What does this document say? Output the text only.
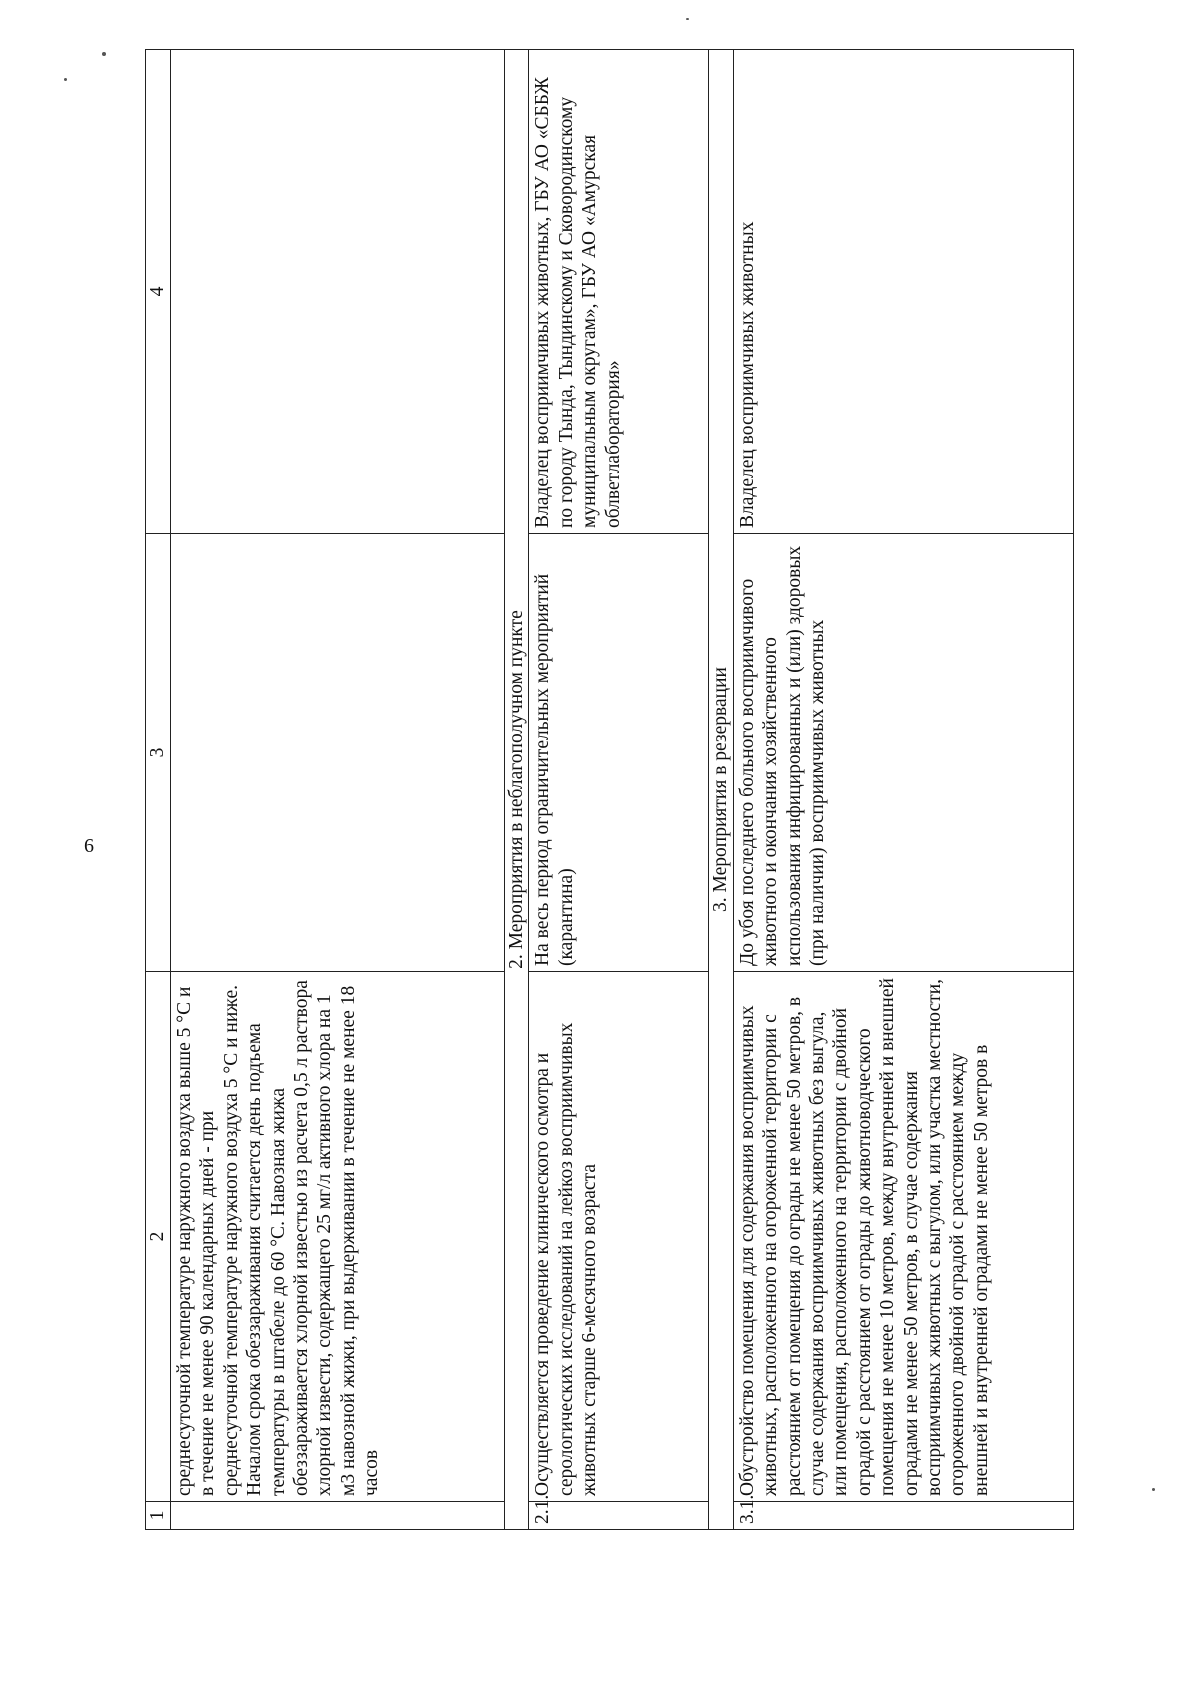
6
1	2	3	4
	среднесуточной температуре наружного воздуха выше 5 °С и в течение не менее 90 календарных дней - при среднесуточной температуре наружного воздуха 5 °С и ниже. Началом срока обеззараживания считается день подъема температуры в штабеле до 60 °С. Навозная жижа обеззараживается хлорной известью из расчета 0,5 л раствора хлорной извести, содержащего 25 мг/л активного хлора на 1 м3 навозной жижи, при выдерживании в течение не менее 18 часов		
2. Мероприятия в неблагополучном пункте			
2.1.	Осуществляется проведение клинического осмотра и серологических исследований на лейкоз восприимчивых животных старше 6-месячного возраста	На весь период ограничительных мероприятий (карантина)	Владелец восприимчивых животных, ГБУ АО «СББЖ по городу Тында, Тындинскому и Сковородинскому муниципальным округам», ГБУ АО «Амурская облветлаборатория»
3. Мероприятия в резервации			
3.1.	Обустройство помещения для содержания восприимчивых животных, расположенного на огороженной территории с расстоянием от помещения до ограды не менее 50 метров, в случае содержания восприимчивых животных без выгула, или помещения, расположенного на территории с двойной оградой с расстоянием от ограды до животноводческого помещения не менее 10 метров, между внутренней и внешней оградами не менее 50 метров, в случае содержания восприимчивых животных с выгулом, или участка местности, огороженного двойной оградой с расстоянием между внешней и внутренней оградами не менее 50 метров в	До убоя последнего больного восприимчивого животного и окончания хозяйственного использования инфицированных и (или) здоровых (при наличии) восприимчивых животных	Владелец восприимчивых животных
